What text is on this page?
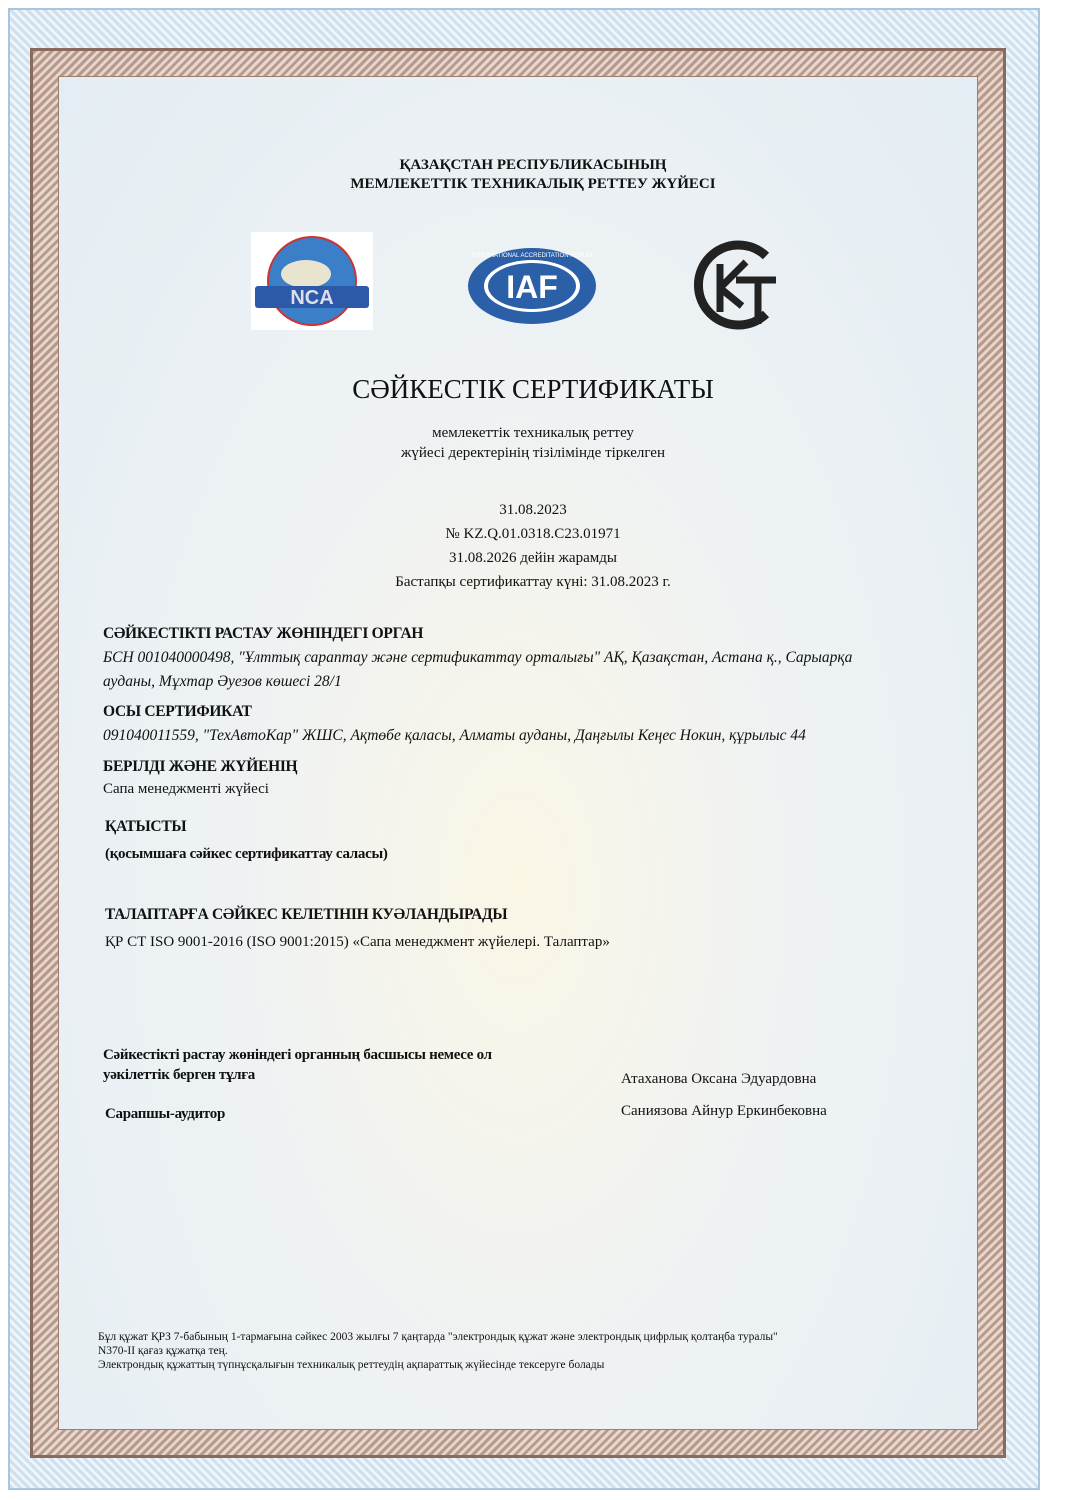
ҚАЗАҚСТАН РЕСПУБЛИКАСЫНЫҢ
МЕМЛЕКЕТТІК ТЕХНИКАЛЫҚ РЕТТЕУ ЖҮЙЕСІ
NCA	IAF
INTERNATIONAL ACCREDITATION FORUM
СӘЙКЕСТІК СЕРТИФИКАТЫ
мемлекеттік техникалық реттеу
жүйесі деректерінің тізілімінде тіркелген
31.08.2023
№ KZ.Q.01.0318.C23.01971
31.08.2026 дейін жарамды
Бастапқы сертификаттау күні: 31.08.2023 г.
СӘЙКЕСТІКТІ РАСТАУ ЖӨНІНДЕГІ ОРГАН
БСН 001040000498, "Ұлттық сараптау және сертификаттау орталығы" АҚ, Қазақстан, Астана қ., Сарыарқа ауданы, Мұхтар Әуезов көшесі 28/1
ОСЫ СЕРТИФИКАТ
091040011559, "ТехАвтоКар" ЖШС, Ақтөбе қаласы, Алматы ауданы, Даңғылы Кеңес Нокин, құрылыс 44
БЕРІЛДІ ЖӘНЕ ЖҮЙЕНІҢ
Сапа менеджменті жүйесі
ҚАТЫСТЫ
(қосымшаға сәйкес сертификаттау саласы)
ТАЛАПТАРҒА СӘЙКЕС КЕЛЕТІНІН КУӘЛАНДЫРАДЫ
ҚР СТ ISO 9001-2016 (ISO 9001:2015) «Сапа менеджмент жүйелері. Талаптар»
Сәйкестікті растау жөніндегі органның басшысы немесе ол
уәкілеттік берген тұлға	Атаханова Оксана Эдуардовна
Сарапшы-аудитор	Саниязова Айнур Еркинбековна
Бұл құжат ҚРЗ 7-бабының 1-тармағына сәйкес 2003 жылғы 7 қаңтарда "электрондық құжат және электрондық цифрлық қолтаңба туралы"
N370-II қағаз құжатқа тең.
Электрондық құжаттың түпнұсқалығын техникалық реттеудің ақпараттық жүйесінде тексеруге болады
